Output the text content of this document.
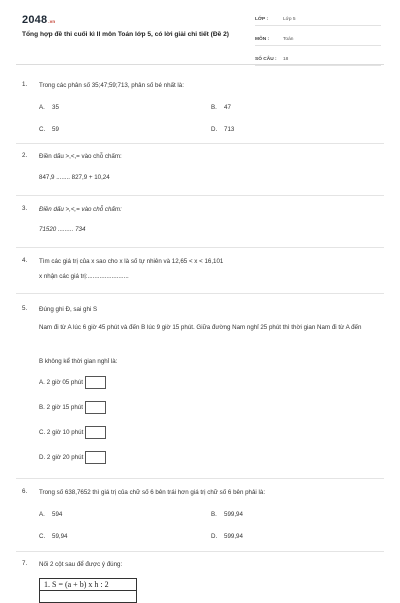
2048.vn
Tổng hợp đề thi cuối kì II môn Toán lớp 5, có lời giải chi tiết (Đề 2)
LỚP :	Lớp 5
MÔN :	Toán
SỐ CÂU :	18
1.	Trong các phân số 35;47;59;713, phân số bé nhất là:
A. 35	B. 47
C. 59	D. 713
2.	Điền dấu >,<,= vào chỗ chấm:
847,9 ........ 827,9 + 10,24
3.	Điền dấu >,<,= vào chỗ chấm:
71520 ......... 734
4.	Tìm các giá trị của x sao cho x là số tự nhiên và 12,65 < x < 16,101
x nhận các giá trị:........................
5.	Đúng ghi Đ, sai ghi S
Nam đi từ A lúc 6 giờ 45 phút và đến B lúc 9 giờ 15 phút. Giữa đường Nam nghỉ 25 phút thì thời gian Nam đi từ A đến
B không kể thời gian nghỉ là:
A. 2 giờ 05 phút
B. 2 giờ 15 phút
C. 2 giờ 10 phút
D. 2 giờ 20 phút
6.	Trong số 638,7652 thì giá trị của chữ số 6 bên trái hơn giá trị chữ số 6 bên phải là:
A. 594	B. 599,94
C. 59,94	D. 599,94
7.	Nối 2 cột sau để được ý đúng:
1. S = (a + b) x h : 2
